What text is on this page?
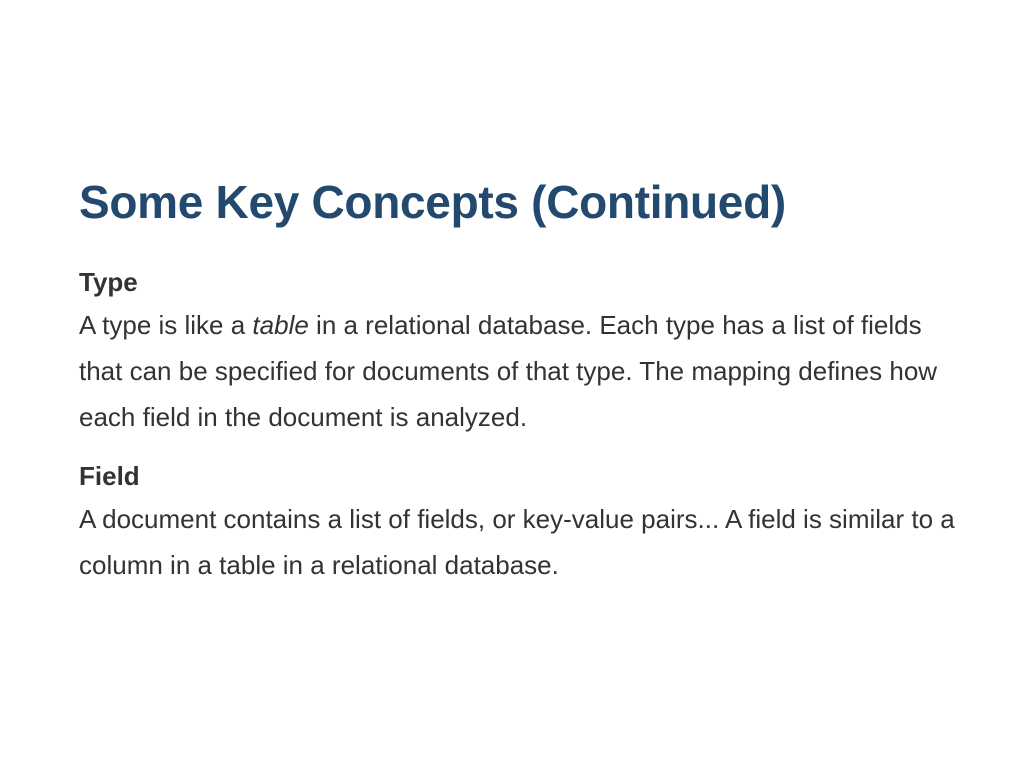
Some Key Concepts (Continued)
Type

A type is like a table in a relational database. Each type has a list of fields that can be specified for documents of that type. The mapping defines how each field in the document is analyzed.

Field

A document contains a list of fields, or key-value pairs... A field is similar to a column in a table in a relational database.
